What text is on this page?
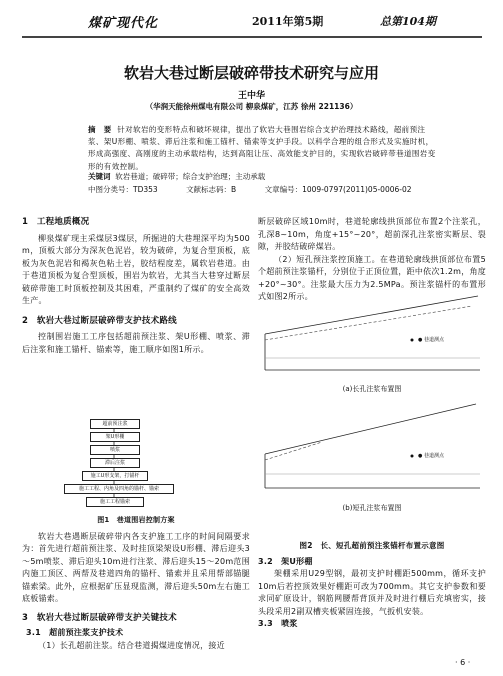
煤矿现代化	2011年第5期	总第104期
软岩大巷过断层破碎带技术研究与应用
王中华
（华润天能徐州煤电有限公司 柳泉煤矿，江苏 徐州 221136）
摘　要 针对软岩的变形特点和破坏规律，提出了软岩大巷围岩综合支护治理技术路线，超前预注浆、架U形棚、喷浆、滞后注浆和施工锚杆、锚索等支护手段。以科学合理的组合形式及实施时机，形成高强度、高刚度的主动承载结构，达到高阻让压、高效能支护目的，实现软岩破碎带巷道围岩变形的有效控制。
关键词 软岩巷道；破碎带；综合支护治理；主动承载
中图分类号：TD353	文献标志码：B	文章编号：1009-0797(2011)05-0006-02
1　工程地质概况

柳泉煤矿现主采煤层3煤层，所掘进的大巷埋深平均为500 m，顶板大部分为深灰色泥岩，较为破碎，为复合型顶板，底板为灰色泥岩和褐灰色粘土岩，胶结程度差，属软岩巷道。由于巷道顶板为复合型顶板，围岩为软岩，尤其当大巷穿过断层破碎带施工时顶板控制及其困难，严重制约了煤矿的安全高效生产。

2　软岩大巷过断层破碎带支护技术路线

控制围岩施工工序包括超前预注浆、架U形棚、喷浆、滞后注浆和施工锚杆、锚索等，施工顺序如图1所示。

超前预注浆
架U形棚
喷浆
滞后注浆
施工U形支架，打锚杆
施工工程、内角及四角的锚杆、锚索
施工工程锚索
图1　巷道围岩控制方案

软岩大巷遇断层破碎带内各支护施工工序的时间间隔要求为：首先进行超前预注浆、及时挂顶梁架设U形棚、滞后迎头3～5m喷浆、滞后迎头10m进行注浆、滞后迎头15～20m范围内施工顶区、两帮及巷道四角的锚杆、锚索并且采用帮部锚腿锚索梁。此外，应根据矿压显现监测，滞后迎头50m左右施工底板锚索。

3　软岩大巷过断层破碎带支护关键技术
3.1　超前预注浆支护技术

（1）长孔超前注浆。结合巷道揭煤进度情况，接近

断层破碎区域10m时，巷道轮廓线拱顶部位布置2个注浆孔，孔深8~10m，角度+15°~20°，超前深孔注浆密实断层、裂隙，并胶结破碎煤岩。

（2）短孔预注浆控顶施工。在巷道轮廓线拱顶部位布置5个超前预注浆锚杆，分别位于正顶位置，距中依次1.2m，角度+20°~30°。注浆最大压力为2.5MPa。预注浆锚杆的布置形式如图2所示。

● 巷道测点
(a)长孔注浆布置图
● 巷道测点
(b)短孔注浆布置图
图2　长、短孔超前预注浆锚杆布置示意图
3.2　架U形棚

架棚采用U29型钢，最初支护时棚距500mm，循环支护10m后若控顶效果好棚距可改为700mm。其它支护参数和要求同矿原设计，钢筋网腰帮背顶并及时进行棚后充填密实，接头段采用2副双槽夹板紧固连接，气扳机安装。

3.3　喷浆
· 6 ·
